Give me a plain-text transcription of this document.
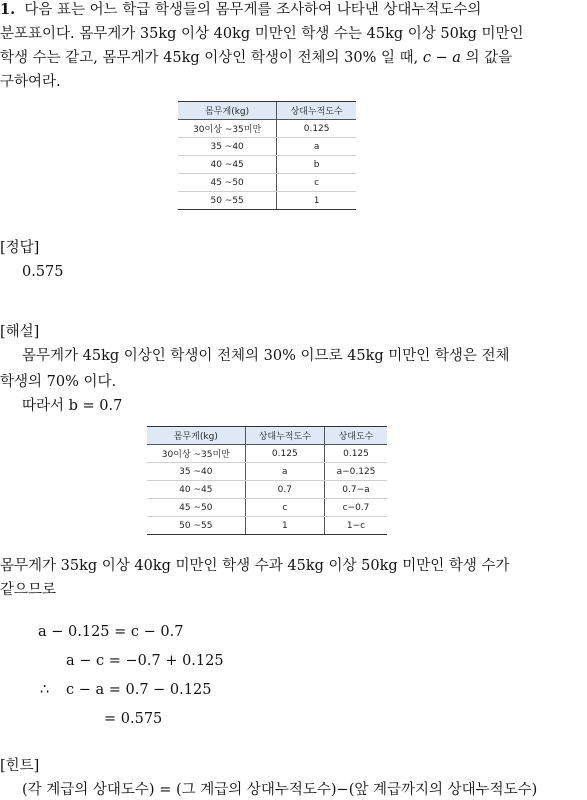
1. 다음 표는 어느 학급 학생들의 몸무게를 조사하여 나타낸 상대누적도수의
분포표이다. 몸무게가 35kg 이상 40kg 미만인 학생 수는 45kg 이상 50kg 미만인
학생 수는 같고, 몸무게가 45kg 이상인 학생이 전체의 30% 일 때, c − a 의 값을
구하여라.
몸무게(kg)	상대누적도수
30이상 ~35미만	0.125
35 ~40	a
40 ~45	b
45 ~50	c
50 ~55	1
[정답]
0.575
[해설]
몸무게가 45kg 이상인 학생이 전체의 30% 이므로 45kg 미만인 학생은 전체
학생의 70% 이다.
따라서 b = 0.7
몸무게(kg)	상대누적도수	상대도수
30이상 ~35미만	0.125	0.125
35 ~40	a	a−0.125
40 ~45	0.7	0.7−a
45 ~50	c	c−0.7
50 ~55	1	1−c
몸무게가 35kg 이상 40kg 미만인 학생 수과 45kg 이상 50kg 미만인 학생 수가
같으므로
a − 0.125 = c − 0.7
a − c = −0.7 + 0.125
∴ c − a = 0.7 − 0.125
= 0.575
[힌트]
(각 계급의 상대도수) = (그 계급의 상대누적도수)−(앞 계급까지의 상대누적도수)
